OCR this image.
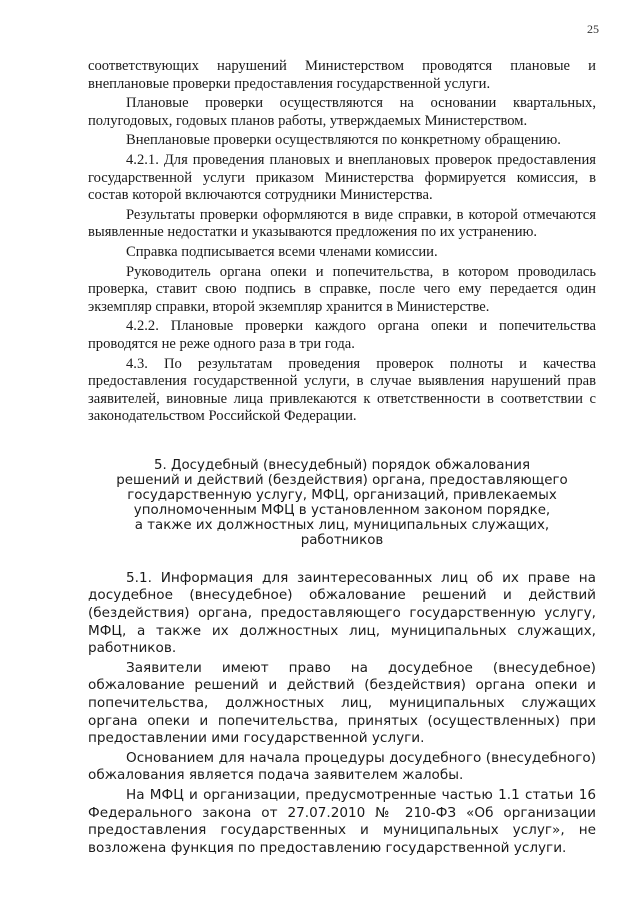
25

соответствующих нарушений Министерством проводятся плановые и внеплановые проверки предоставления государственной услуги.

Плановые проверки осуществляются на основании квартальных, полугодовых, годовых планов работы, утверждаемых Министерством.

Внеплановые проверки осуществляются по конкретному обращению.

4.2.1. Для проведения плановых и внеплановых проверок предоставления государственной услуги приказом Министерства формируется комиссия, в состав которой включаются сотрудники Министерства.

Результаты проверки оформляются в виде справки, в которой отмечаются выявленные недостатки и указываются предложения по их устранению.

Справка подписывается всеми членами комиссии.

Руководитель органа опеки и попечительства, в котором проводилась проверка, ставит свою подпись в справке, после чего ему передается один экземпляр справки, второй экземпляр хранится в Министерстве.

4.2.2. Плановые проверки каждого органа опеки и попечительства проводятся не реже одного раза в три года.

4.3. По результатам проведения проверок полноты и качества предоставления государственной услуги, в случае выявления нарушений прав заявителей, виновные лица привлекаются к ответственности в соответствии с законодательством Российской Федерации.

5. Досудебный (внесудебный) порядок обжалования
решений и действий (бездействия) органа, предоставляющего
государственную услугу, МФЦ, организаций, привлекаемых
уполномоченным МФЦ в установленном законом порядке,
а также их должностных лиц, муниципальных служащих,
работников

5.1. Информация для заинтересованных лиц об их праве на досудебное (внесудебное) обжалование решений и действий (бездействия) органа, предоставляющего государственную услугу, МФЦ, а также их должностных лиц, муниципальных служащих, работников.

Заявители имеют право на досудебное (внесудебное) обжалование решений и действий (бездействия) органа опеки и попечительства, должностных лиц, муниципальных служащих органа опеки и попечительства, принятых (осуществленных) при предоставлении ими государственной услуги.

Основанием для начала процедуры досудебного (внесудебного) обжалования является подача заявителем жалобы.

На МФЦ и организации, предусмотренные частью 1.1 статьи 16 Федерального закона от 27.07.2010 № 210-ФЗ «Об организации предоставления государственных и муниципальных услуг», не возложена функция по предоставлению государственной услуги.
